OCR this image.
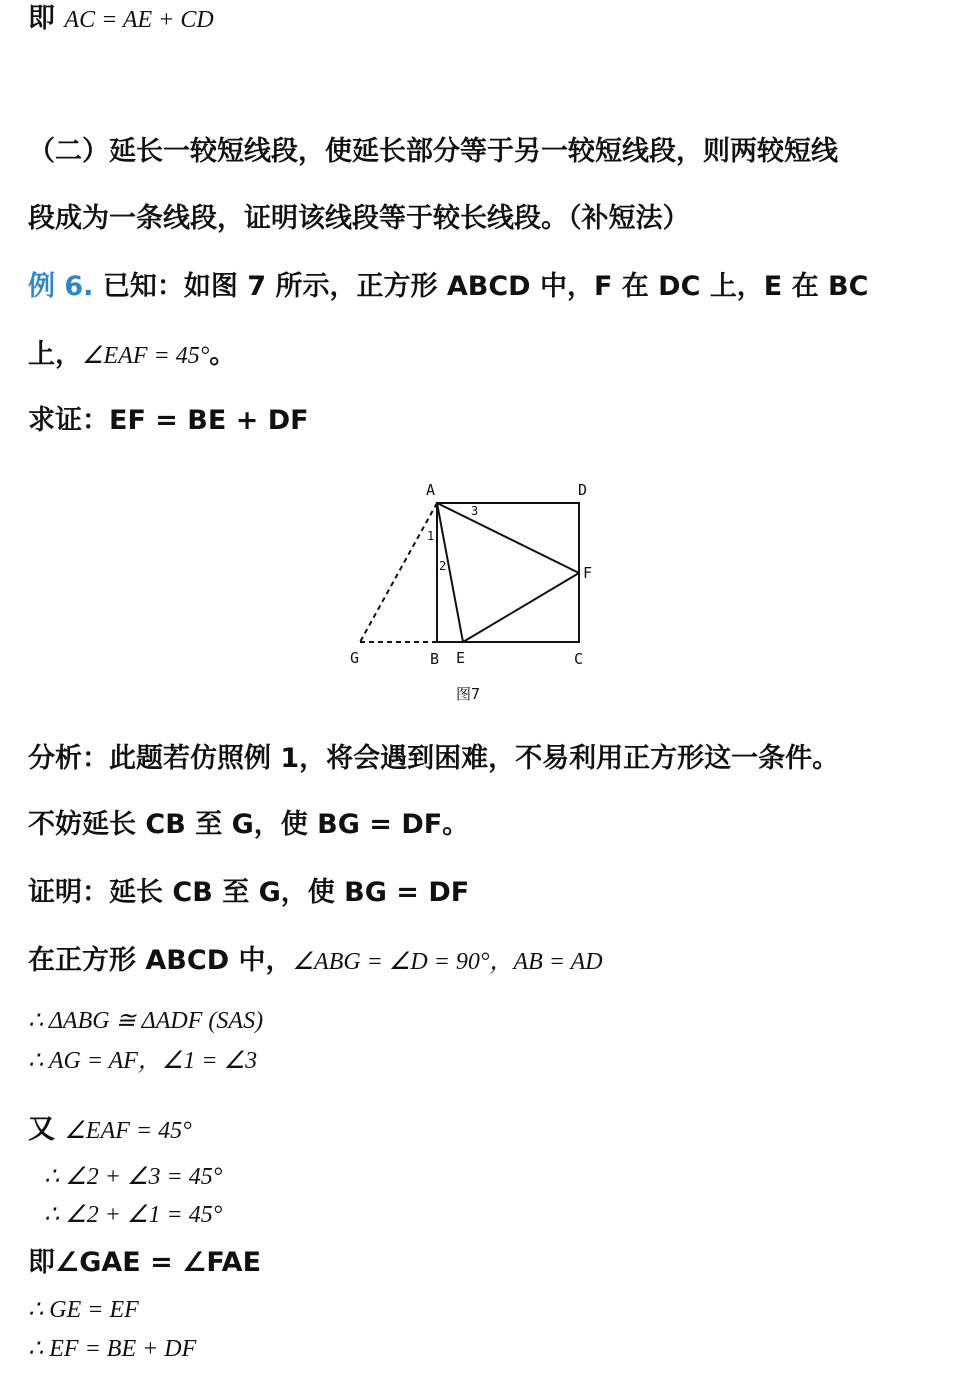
即 AC = AE + CD
（二）延长一较短线段，使延长部分等于另一较短线段，则两较短线
段成为一条线段，证明该线段等于较长线段。（补短法）
例 6. 已知：如图 7 所示，正方形 ABCD 中，F 在 DC 上，E 在 BC
上，∠EAF = 45°。
求证：EF = BE + DF
A	D
B E	C
F
G
1
2
3
图7
分析：此题若仿照例 1，将会遇到困难，不易利用正方形这一条件。
不妨延长 CB 至 G，使 BG = DF。
证明：延长 CB 至 G，使 BG = DF
在正方形 ABCD 中，∠ABG = ∠D = 90°，AB = AD
∴ ΔABG ≅ ΔADF (SAS)
∴ AG = AF，∠1 = ∠3
又 ∠EAF = 45°
∴ ∠2 + ∠3 = 45°
∴ ∠2 + ∠1 = 45°
即∠GAE = ∠FAE
∴ GE = EF
∴ EF = BE + DF
